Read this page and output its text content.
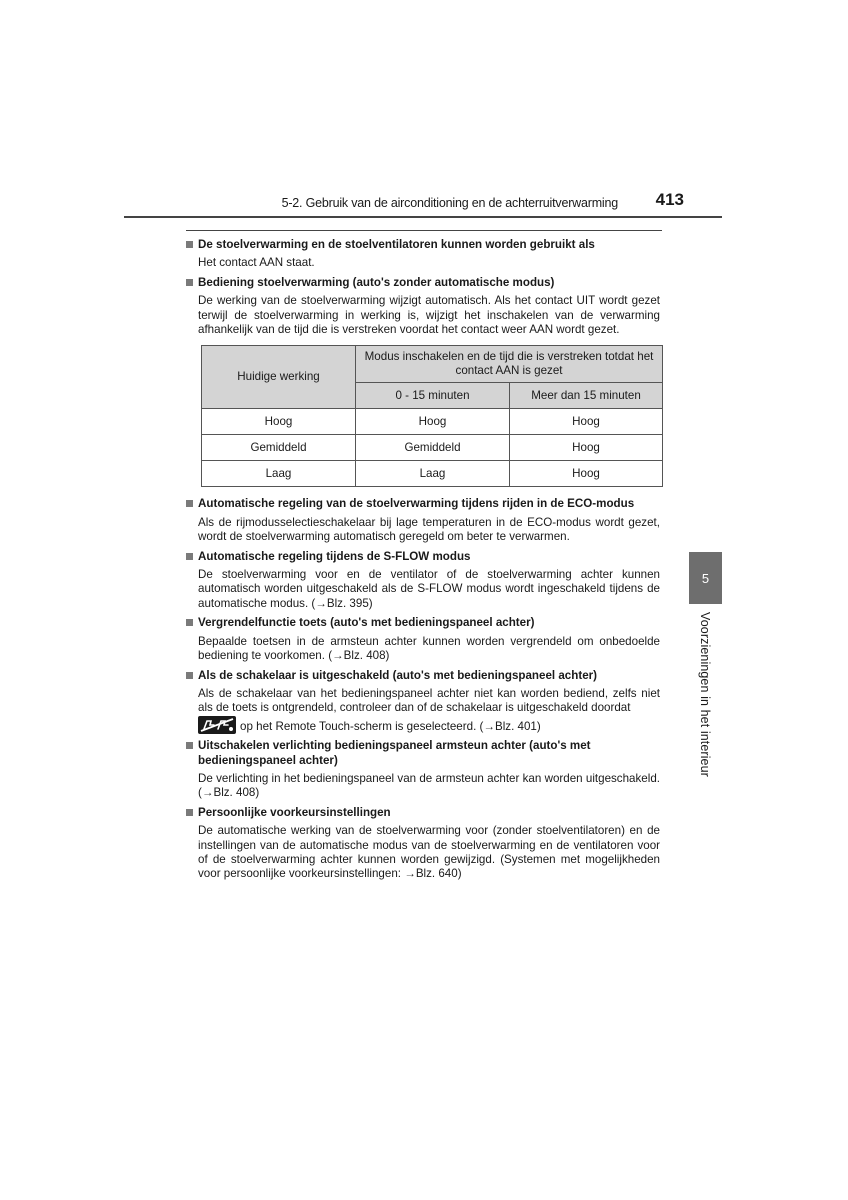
5-2. Gebruik van de airconditioning en de achterruitverwarming	413
De stoelverwarming en de stoelventilatoren kunnen worden gebruikt als
Het contact AAN staat.
Bediening stoelverwarming (auto's zonder automatische modus)
De werking van de stoelverwarming wijzigt automatisch. Als het contact UIT wordt gezet terwijl de stoelverwarming in werking is, wijzigt het inschakelen van de verwarming afhankelijk van de tijd die is verstreken voordat het contact weer AAN wordt gezet.
Huidige werking	Modus inschakelen en de tijd die is verstreken totdat het contact AAN is gezet	
	0 - 15 minuten	Meer dan 15 minuten
Hoog	Hoog	Hoog
Gemiddeld	Gemiddeld	Hoog
Laag	Laag	Hoog
Automatische regeling van de stoelverwarming tijdens rijden in de ECO-modus
Als de rijmodusselectieschakelaar bij lage temperaturen in de ECO-modus wordt gezet, wordt de stoelverwarming automatisch geregeld om beter te verwarmen.
Automatische regeling tijdens de S-FLOW modus
De stoelverwarming voor en de ventilator of de stoelverwarming achter kunnen automatisch worden uitgeschakeld als de S-FLOW modus wordt ingeschakeld tijdens de automatische modus. (→Blz. 395)
Vergrendelfunctie toets (auto's met bedieningspaneel achter)
Bepaalde toetsen in de armsteun achter kunnen worden vergrendeld om onbedoelde bediening te voorkomen. (→Blz. 408)
Als de schakelaar is uitgeschakeld (auto's met bedieningspaneel achter)
Als de schakelaar van het bedieningspaneel achter niet kan worden bediend, zelfs niet als de toets is ontgrendeld, controleer dan of de schakelaar is uitgeschakeld doordat
op het Remote Touch-scherm is geselecteerd. (→Blz. 401)
Uitschakelen verlichting bedieningspaneel armsteun achter (auto's met bedieningspaneel achter)
De verlichting in het bedieningspaneel van de armsteun achter kan worden uitgeschakeld. (→Blz. 408)
Persoonlijke voorkeursinstellingen
De automatische werking van de stoelverwarming voor (zonder stoelventilatoren) en de instellingen van de automatische modus van de stoelverwarming en de ventilatoren voor of de stoelverwarming achter kunnen worden gewijzigd. (Systemen met mogelijkheden voor persoonlijke voorkeursinstellingen: →Blz. 640)
5
Voorzieningen in het interieur
